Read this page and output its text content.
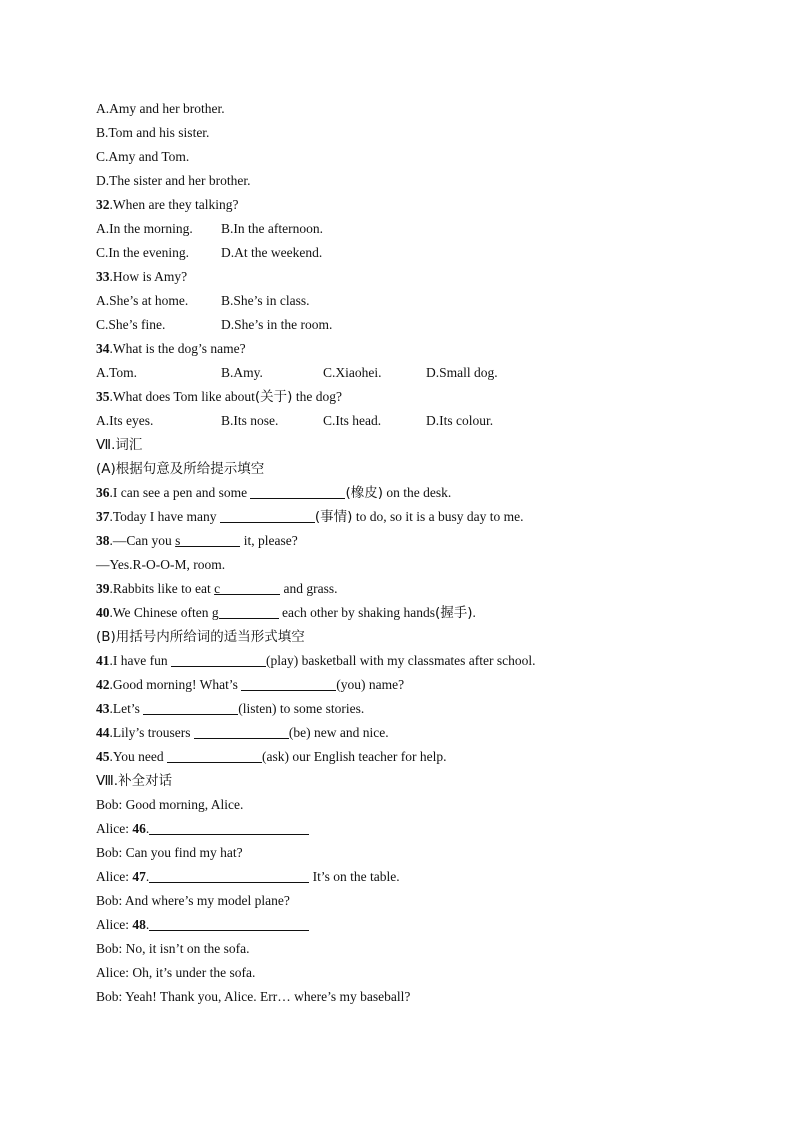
A.Amy and her brother.
B.Tom and his sister.
C.Amy and Tom.
D.The sister and her brother.
32.When are they talking?
A.In the morning. B.In the afternoon.
C.In the evening. D.At the weekend.
33.How is Amy?
A.She’s at home. B.She’s in class.
C.She’s fine.	D.She’s in the room.
34.What is the dog’s name?
A.Tom.	B.Amy.	C.Xiaohei.	D.Small dog.
35.What does Tom like about(关于) the dog?
A.Its eyes.	B.Its nose.	C.Its head.	D.Its colour.
Ⅶ.词汇
(A)根据句意及所给提示填空
36.I can see a pen and some	(橡皮) on the desk.
37.Today I have many	(事情) to do, so it is a busy day to me.
38.—Can you s	it, please?
—Yes.R-O-O-M, room.
39.Rabbits like to eat c	and grass.
40.We Chinese often g	each other by shaking hands(握手).
(B)用括号内所给词的适当形式填空
41.I have fun	(play) basketball with my classmates after school.
42.Good morning! What’s	(you) name?
43.Let’s	(listen) to some stories.
44.Lily’s trousers	(be) new and nice.
45.You need	(ask) our English teacher for help.
Ⅷ.补全对话
Bob: Good morning, Alice.
Alice: 46.
Bob: Can you find my hat?
Alice: 47.	It’s on the table.
Bob: And where’s my model plane?
Alice: 48.
Bob: No, it isn’t on the sofa.
Alice: Oh, it’s under the sofa.
Bob: Yeah! Thank you, Alice. Err… where’s my baseball?
